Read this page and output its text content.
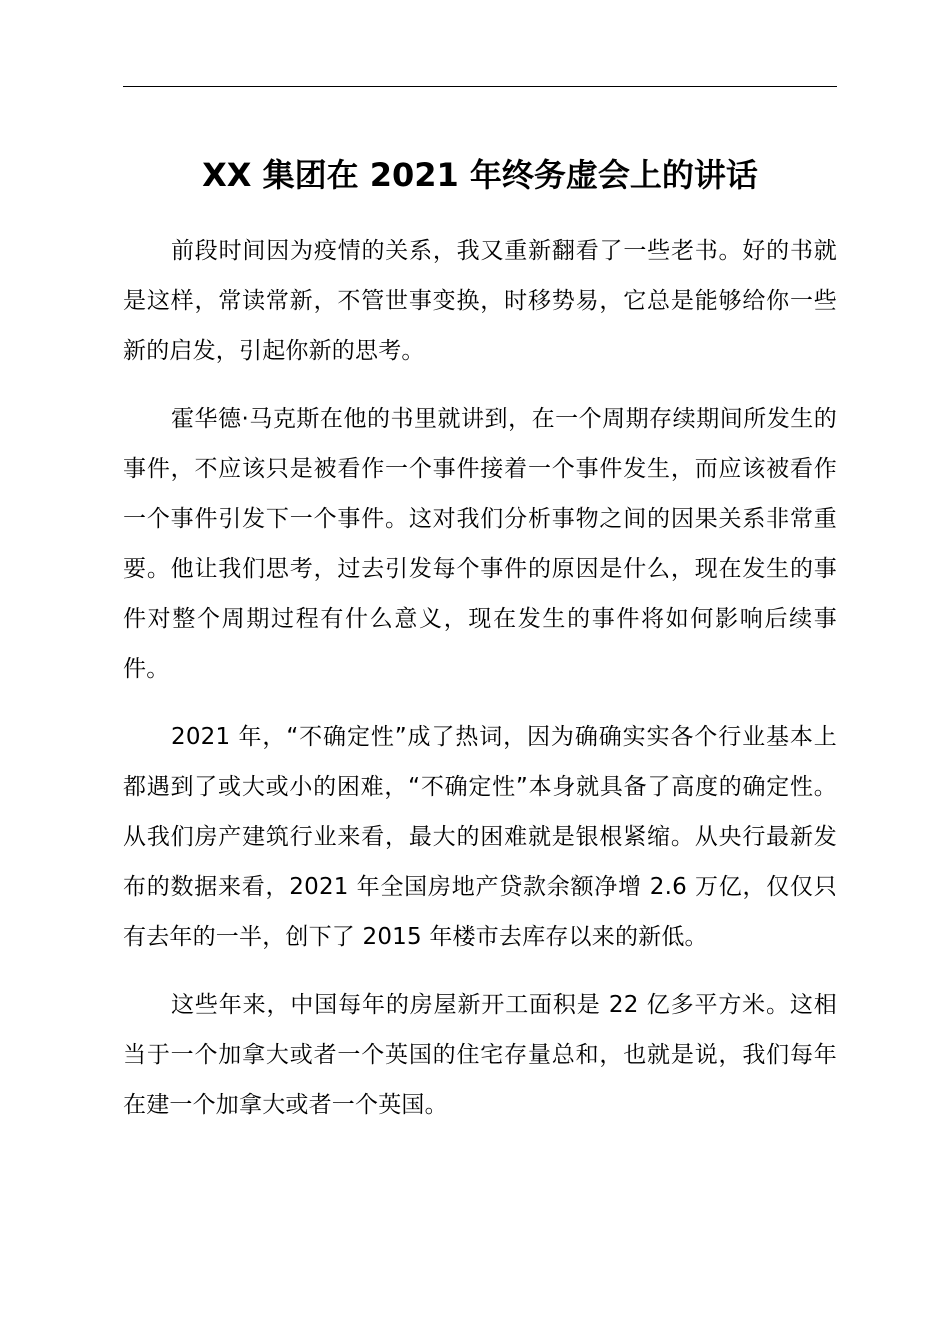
XX 集团在 2021 年终务虚会上的讲话

前段时间因为疫情的关系，我又重新翻看了一些老书。好的书就是这样，常读常新，不管世事变换，时移势易，它总是能够给你一些新的启发，引起你新的思考。

霍华德·马克斯在他的书里就讲到，在一个周期存续期间所发生的事件，不应该只是被看作一个事件接着一个事件发生，而应该被看作一个事件引发下一个事件。这对我们分析事物之间的因果关系非常重要。他让我们思考，过去引发每个事件的原因是什么，现在发生的事件对整个周期过程有什么意义，现在发生的事件将如何影响后续事件。

2021 年，“不确定性”成了热词，因为确确实实各个行业基本上都遇到了或大或小的困难，“不确定性”本身就具备了高度的确定性。从我们房产建筑行业来看，最大的困难就是银根紧缩。从央行最新发布的数据来看，2021 年全国房地产贷款余额净增 2.6 万亿，仅仅只有去年的一半，创下了 2015 年楼市去库存以来的新低。

这些年来，中国每年的房屋新开工面积是 22 亿多平方米。这相当于一个加拿大或者一个英国的住宅存量总和，也就是说，我们每年在建一个加拿大或者一个英国。
